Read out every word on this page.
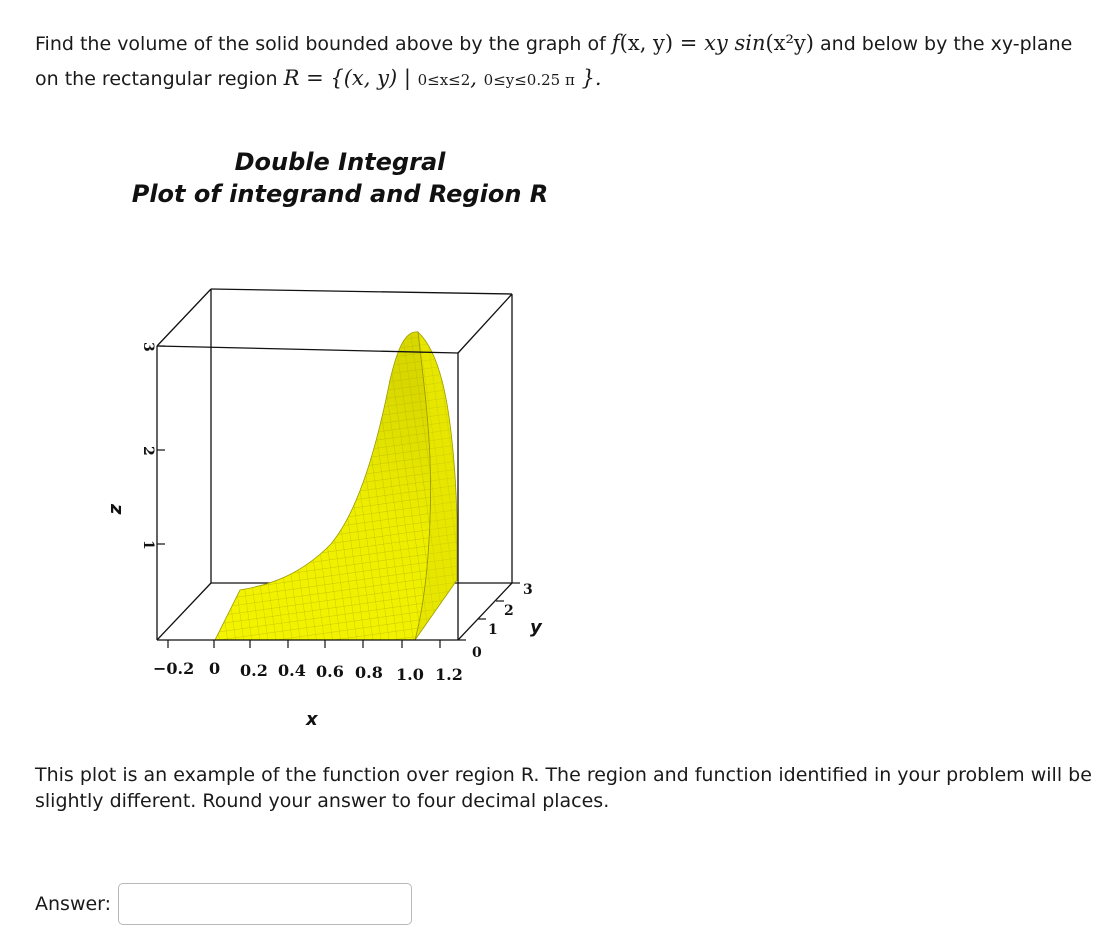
Find the volume of the solid bounded above by the graph of f(x, y) = xy sin(x²y) and below by the xy-plane on the rectangular region R = {(x, y) | 0≤x≤2, 0≤y≤0.25 π }.
Double Integral
Plot of integrand and Region R
−0.2 0 0.2 0.4 0.6 0.8 1.0 1.2
0
1
2
3
3
2
1
z
y
x
This plot is an example of the function over region R. The region and function identified in your problem will be slightly different. Round your answer to four decimal places.
Answer:
